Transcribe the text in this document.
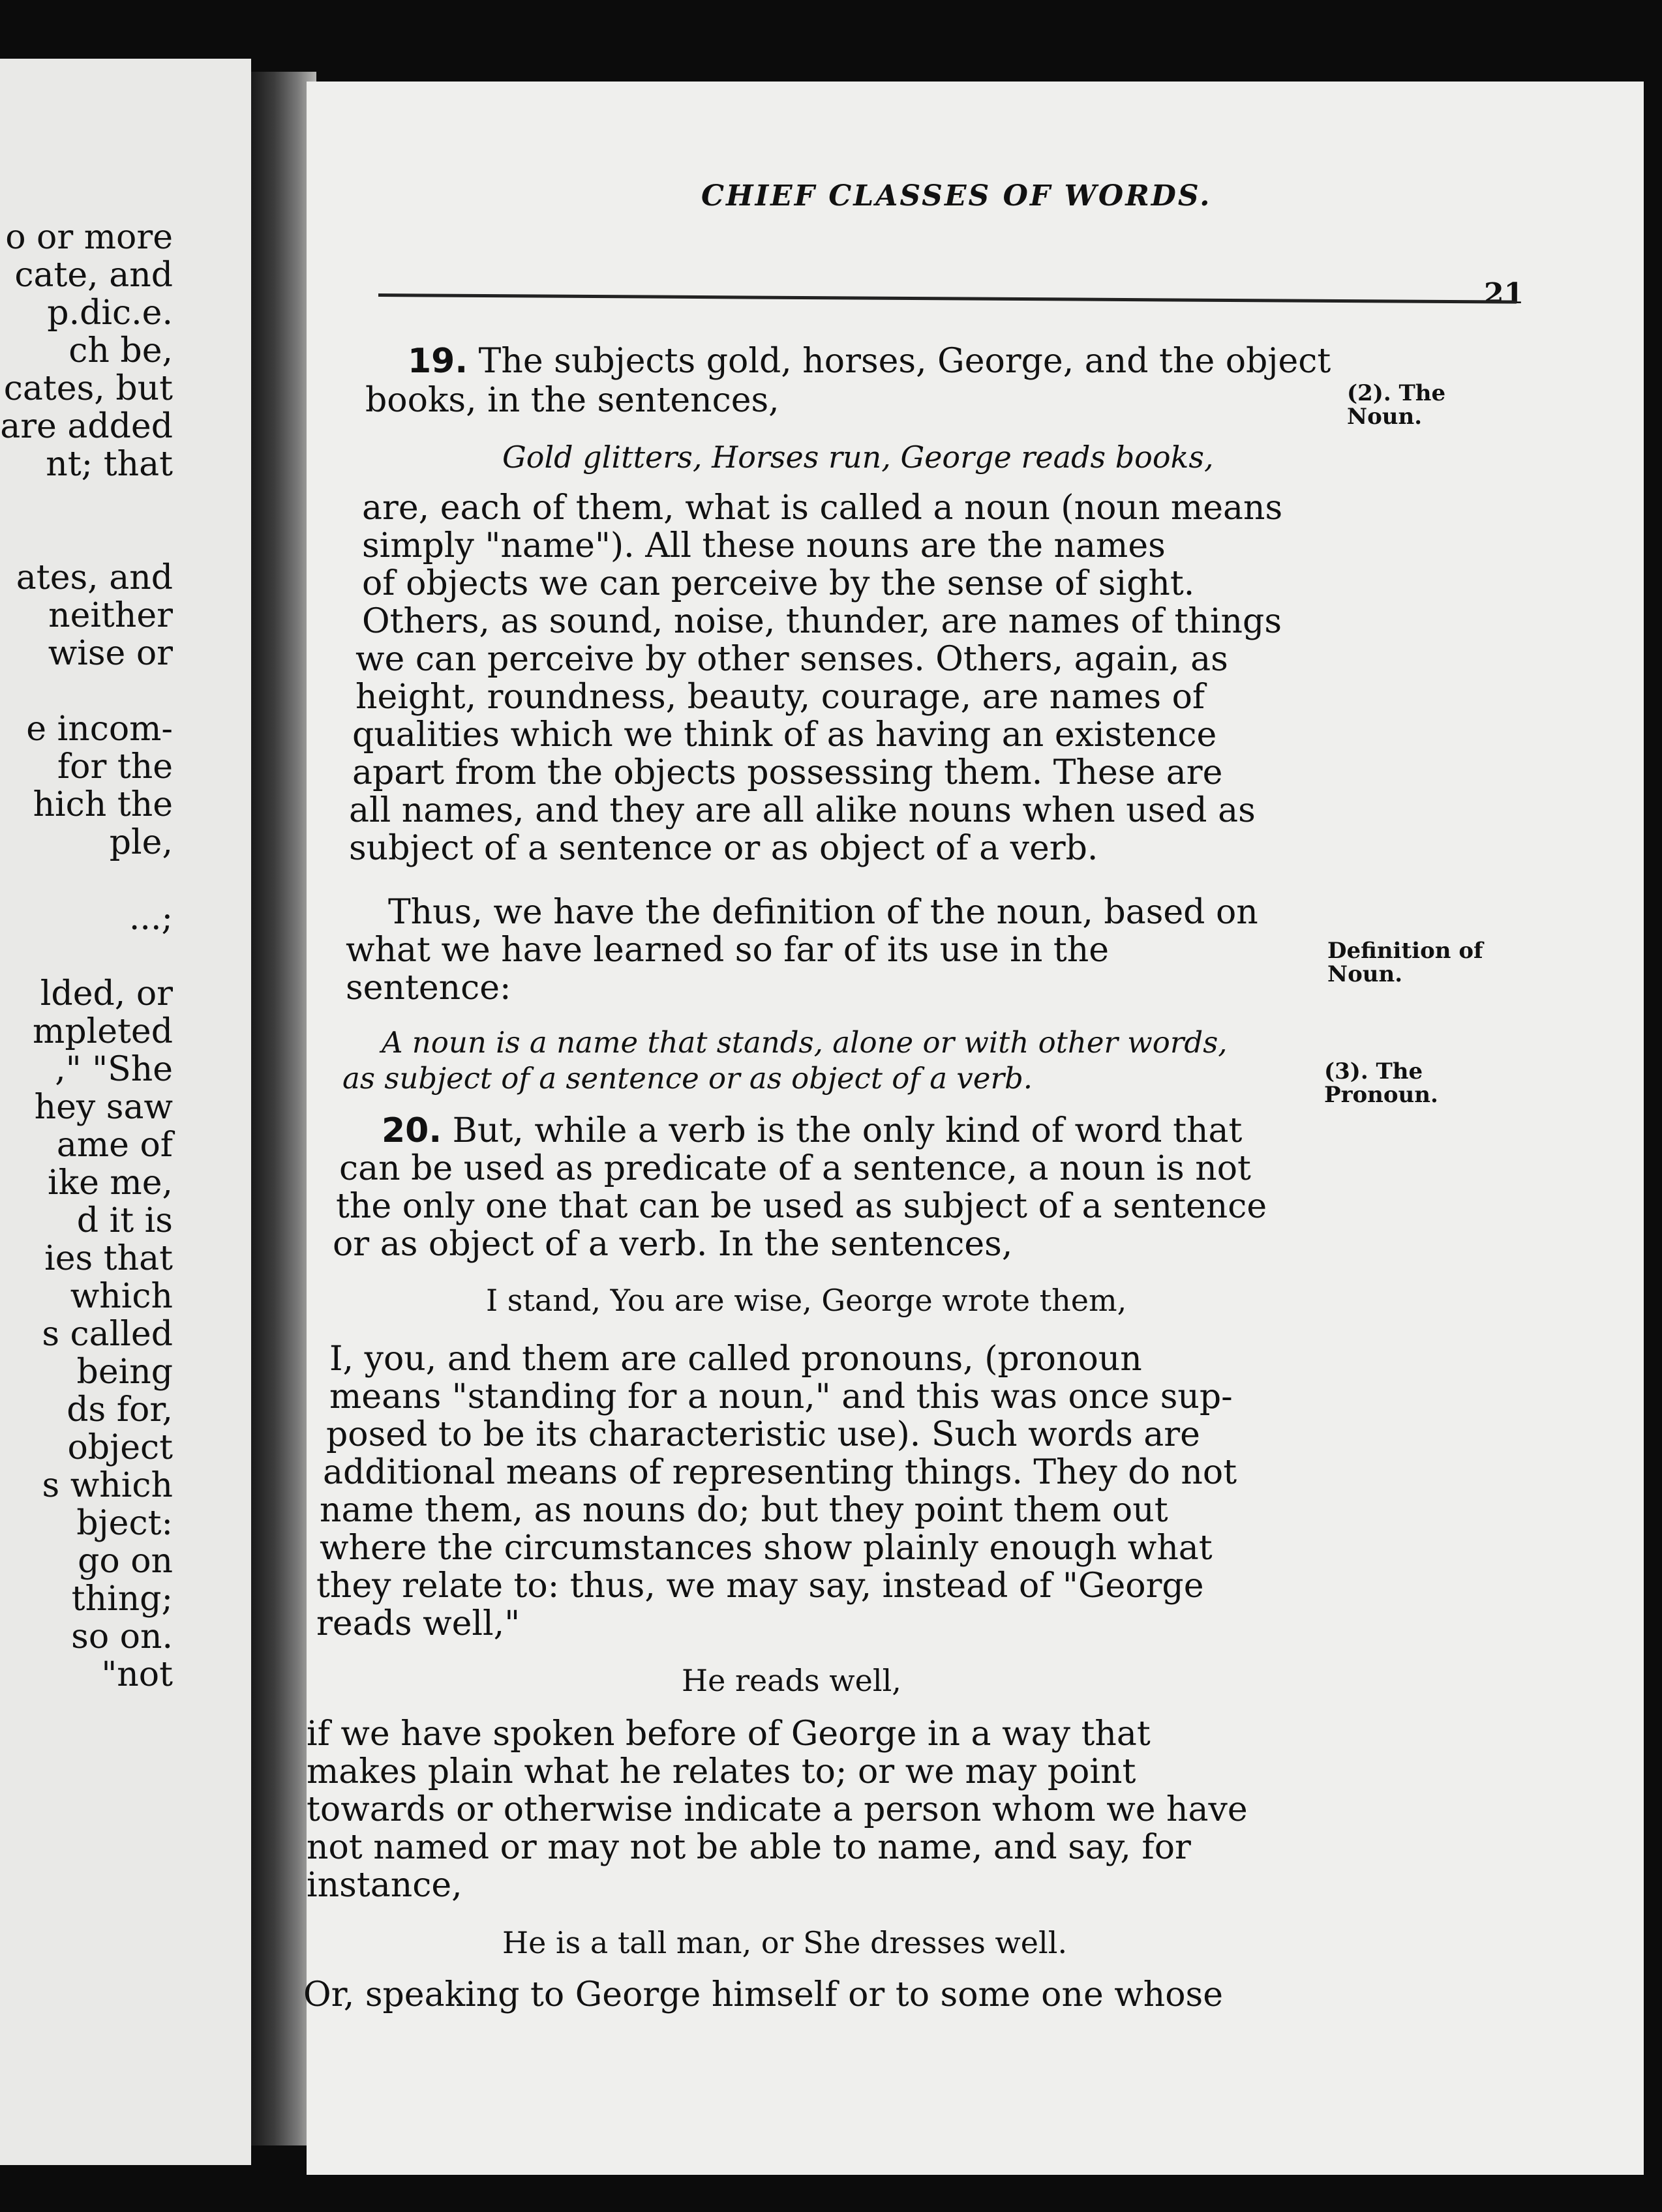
o or more
cate, and
p.dic.e.
ch be,
cates, but
are added
nt; that
ates, and
neither
wise or
e incom-
for the
hich the
ple,
...;
lded, or
mpleted
," "She
hey saw
ame of
ike me,
d it is
ies that
which
s called
being
ds for,
object
s which
bject:
go on
thing;
so on.
"not
CHIEF CLASSES OF WORDS.
21
(2). The
Noun.
Definition of
Noun.
(3). The
Pronoun.
19. The subjects gold, horses, George, and the object
books, in the sentences,
Gold glitters, Horses run, George reads books,
are, each of them, what is called a noun (noun means
simply "name"). All these nouns are the names
of objects we can perceive by the sense of sight.
Others, as sound, noise, thunder, are names of things
we can perceive by other senses. Others, again, as
height, roundness, beauty, courage, are names of
qualities which we think of as having an existence
apart from the objects possessing them. These are
all names, and they are all alike nouns when used as
subject of a sentence or as object of a verb.
Thus, we have the definition of the noun, based on
what we have learned so far of its use in the
sentence:
A noun is a name that stands, alone or with other words,
as subject of a sentence or as object of a verb.
20. But, while a verb is the only kind of word that
can be used as predicate of a sentence, a noun is not
the only one that can be used as subject of a sentence
or as object of a verb. In the sentences,
I stand, You are wise, George wrote them,
I, you, and them are called pronouns, (pronoun
means "standing for a noun," and this was once sup-
posed to be its characteristic use). Such words are
additional means of representing things. They do not
name them, as nouns do; but they point them out
where the circumstances show plainly enough what
they relate to: thus, we may say, instead of "George
reads well,"
He reads well,
if we have spoken before of George in a way that
makes plain what he relates to; or we may point
towards or otherwise indicate a person whom we have
not named or may not be able to name, and say, for
instance,
He is a tall man, or She dresses well.
Or, speaking to George himself or to some one whose
